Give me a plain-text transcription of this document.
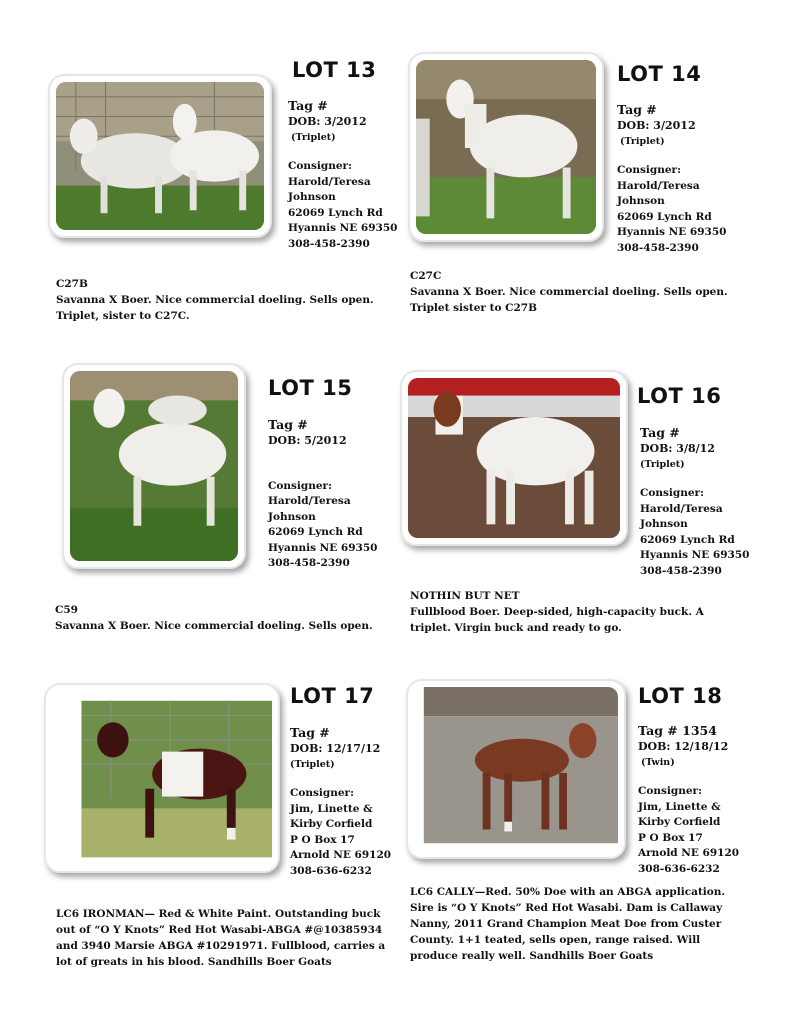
LOT 13
Tag #
DOB: 3/2012
(Triplet)
Consigner:
Harold/Teresa
Johnson
62069 Lynch Rd
Hyannis NE 69350
308-458-2390
C27B
Savanna X Boer. Nice commercial doeling. Sells open. Triplet, sister to C27C.
LOT 14
Tag #
DOB: 3/2012
(Triplet)
Consigner:
Harold/Teresa
Johnson
62069 Lynch Rd
Hyannis NE 69350
308-458-2390
C27C
Savanna X Boer. Nice commercial doeling. Sells open. Triplet sister to C27B
LOT 15
Tag #
DOB: 5/2012
Consigner:
Harold/Teresa
Johnson
62069 Lynch Rd
Hyannis NE 69350
308-458-2390
C59
Savanna X Boer. Nice commercial doeling. Sells open.
LOT 16
Tag #
DOB: 3/8/12
(Triplet)
Consigner:
Harold/Teresa
Johnson
62069 Lynch Rd
Hyannis NE 69350
308-458-2390
NOTHIN BUT NET
Fullblood Boer. Deep-sided, high-capacity buck. A triplet. Virgin buck and ready to go.
LOT 17
Tag #
DOB: 12/17/12
(Triplet)
Consigner:
Jim, Linette &
Kirby Corfield
P O Box 17
Arnold NE 69120
308-636-6232
LC6 IRONMAN— Red & White Paint. Outstanding buck out of “O Y Knots” Red Hot Wasabi-ABGA #@10385934 and 3940 Marsie ABGA #10291971. Fullblood, carries a lot of greats in his blood. Sandhills Boer Goats
LOT 18
Tag # 1354
DOB: 12/18/12
(Twin)
Consigner:
Jim, Linette &
Kirby Corfield
P O Box 17
Arnold NE 69120
308-636-6232
LC6 CALLY—Red. 50% Doe with an ABGA application. Sire is “O Y Knots” Red Hot Wasabi. Dam is Callaway Nanny, 2011 Grand Champion Meat Doe from Custer County. 1+1 teated, sells open, range raised. Will produce really well. Sandhills Boer Goats
